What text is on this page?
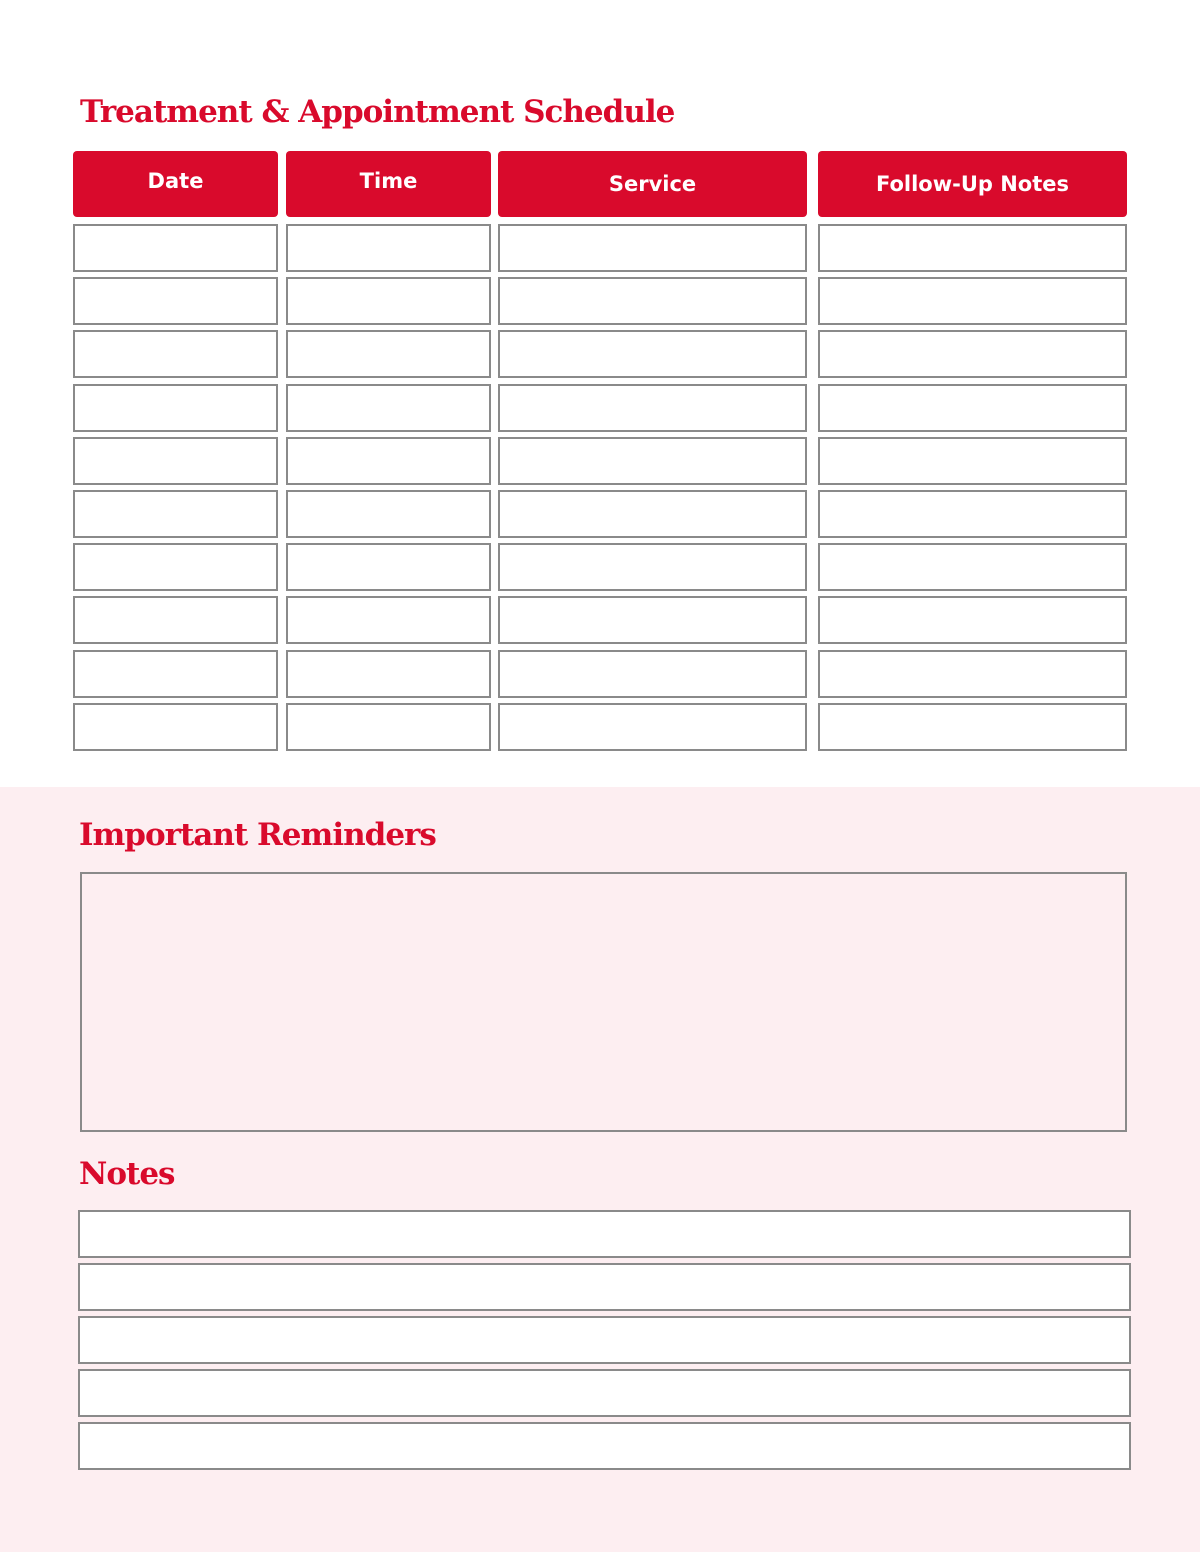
Treatment & Appointment Schedule
Date	Time	Service	Follow-Up Notes
Important Reminders
Notes
